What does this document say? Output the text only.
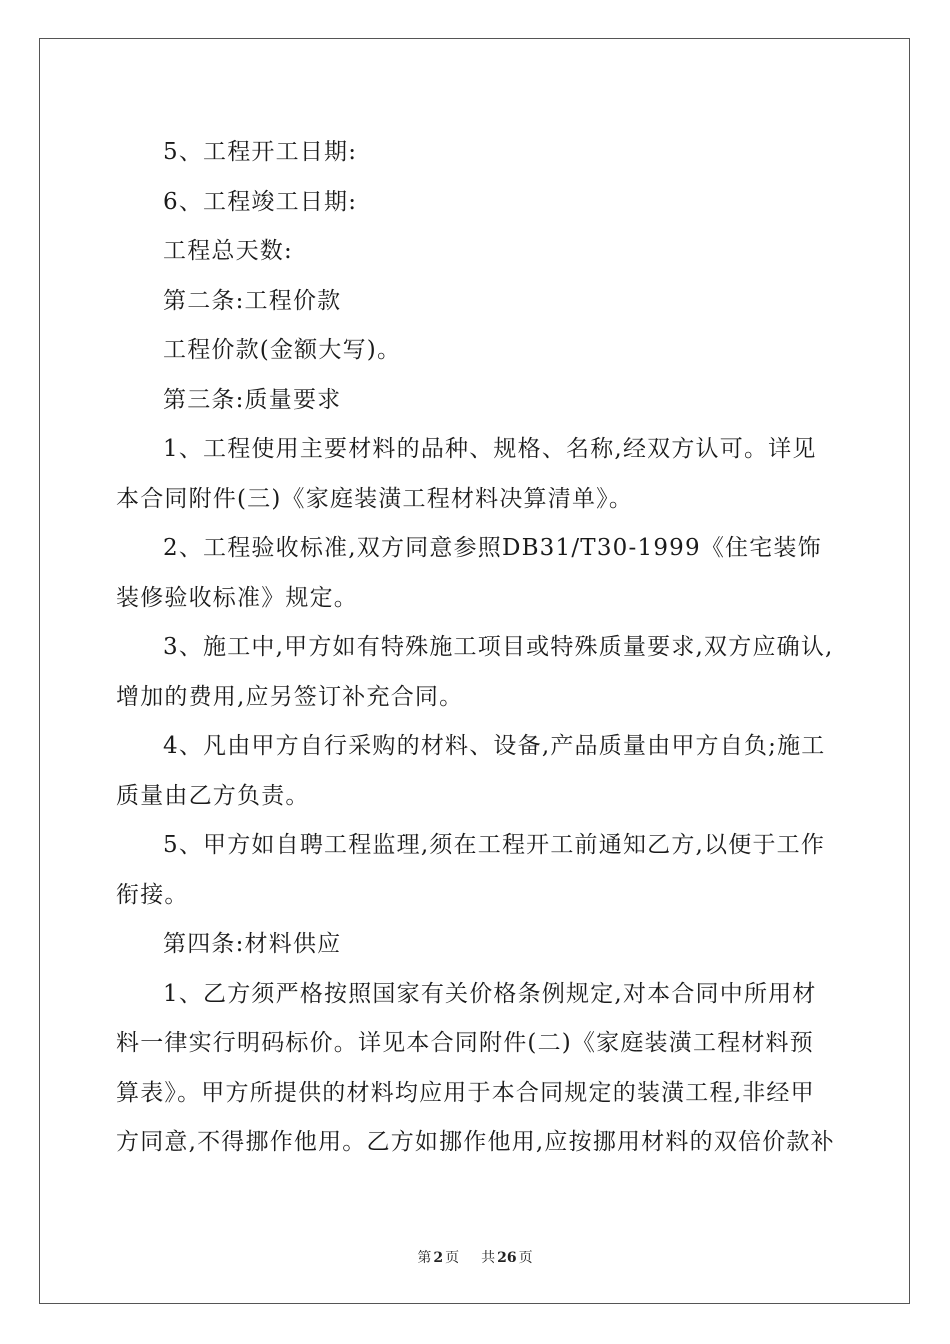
5、工程开工日期:

6、工程竣工日期:

工程总天数:

第二条:工程价款

工程价款(金额大写)。

第三条:质量要求

1、工程使用主要材料的品种、规格、名称,经双方认可。详见本合同附件(三)《家庭装潢工程材料决算清单》。

2、工程验收标准,双方同意参照DB31/T30-1999《住宅装饰装修验收标准》规定。

3、施工中,甲方如有特殊施工项目或特殊质量要求,双方应确认,增加的费用,应另签订补充合同。

4、凡由甲方自行采购的材料、设备,产品质量由甲方自负;施工质量由乙方负责。

5、甲方如自聘工程监理,须在工程开工前通知乙方,以便于工作衔接。

第四条:材料供应

1、乙方须严格按照国家有关价格条例规定,对本合同中所用材料一律实行明码标价。详见本合同附件(二)《家庭装潢工程材料预算表》。甲方所提供的材料均应用于本合同规定的装潢工程,非经甲方同意,不得挪作他用。乙方如挪作他用,应按挪用材料的双倍价款补

第 2 页 共 26 页
